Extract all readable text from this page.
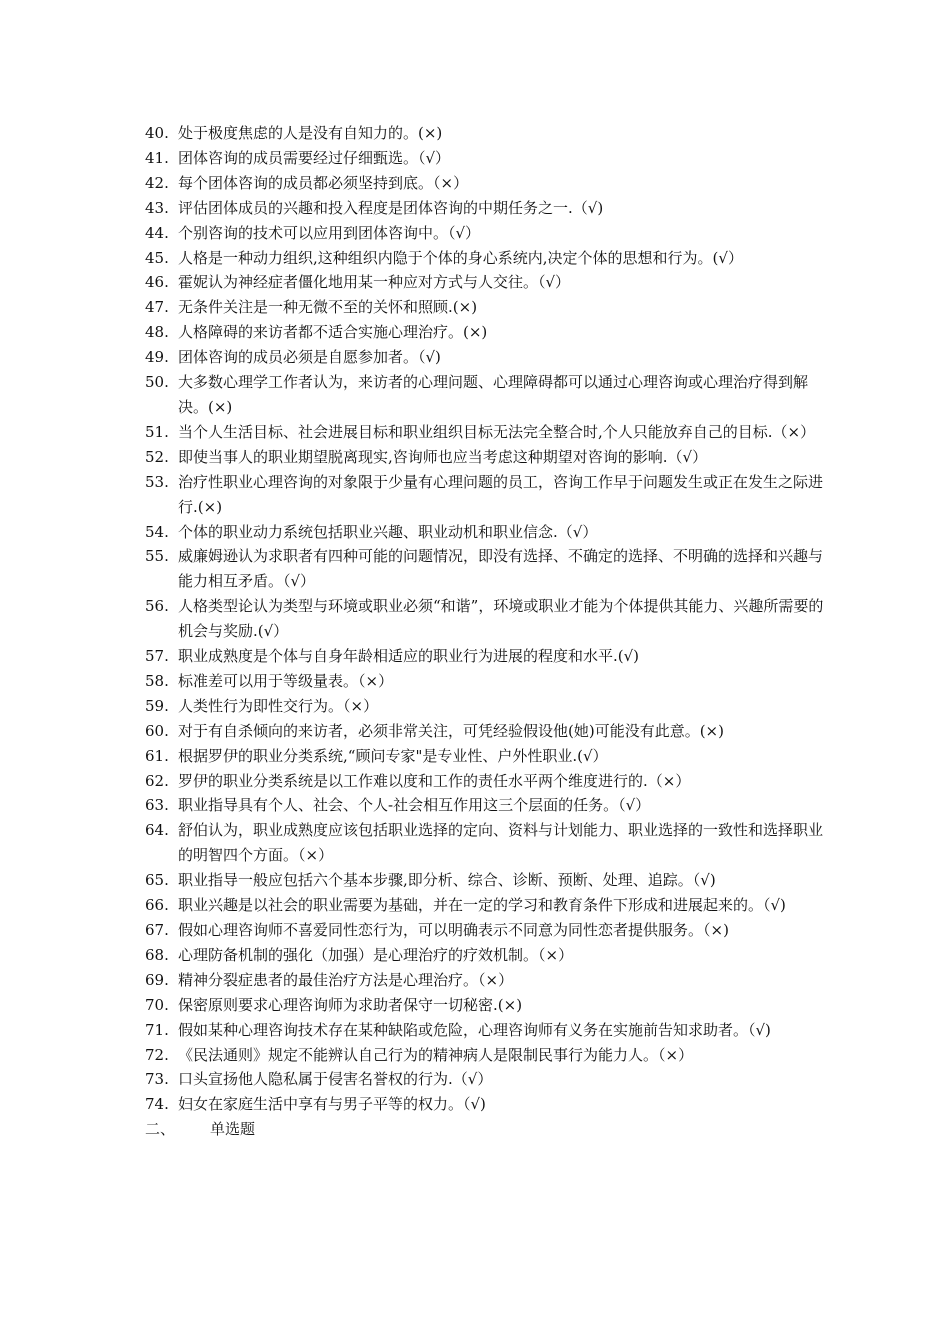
40. 处于极度焦虑的人是没有自知力的。(×)
41. 团体咨询的成员需要经过仔细甄选。（√）
42. 每个团体咨询的成员都必须坚持到底。（×）
43. 评估团体成员的兴趣和投入程度是团体咨询的中期任务之一.（√)
44. 个别咨询的技术可以应用到团体咨询中。（√）
45. 人格是一种动力组织,这种组织内隐于个体的身心系统内,决定个体的思想和行为。(√）
46. 霍妮认为神经症者僵化地用某一种应对方式与人交往。（√）
47. 无条件关注是一种无微不至的关怀和照顾.(×)
48. 人格障碍的来访者都不适合实施心理治疗。(×)
49. 团体咨询的成员必须是自愿参加者。（√)
50. 大多数心理学工作者认为，来访者的心理问题、心理障碍都可以通过心理咨询或心理治疗得到解决。(×)
51. 当个人生活目标、社会进展目标和职业组织目标无法完全整合时,个人只能放弃自己的目标.（×）
52. 即使当事人的职业期望脱离现实,咨询师也应当考虑这种期望对咨询的影响.（√）
53. 治疗性职业心理咨询的对象限于少量有心理问题的员工，咨询工作早于问题发生或正在发生之际进行.(×)
54. 个体的职业动力系统包括职业兴趣、职业动机和职业信念.（√）
55. 威廉姆逊认为求职者有四种可能的问题情况，即没有选择、不确定的选择、不明确的选择和兴趣与能力相互矛盾。（√）
56. 人格类型论认为类型与环境或职业必须“和谐”，环境或职业才能为个体提供其能力、兴趣所需要的机会与奖励.(√）
57. 职业成熟度是个体与自身年龄相适应的职业行为进展的程度和水平.(√)
58. 标准差可以用于等级量表。（×）
59. 人类性行为即性交行为。（×）
60. 对于有自杀倾向的来访者，必须非常关注，可凭经验假设他(她)可能没有此意。(×)
61. 根据罗伊的职业分类系统,“顾问专家"是专业性、户外性职业.(√）
62. 罗伊的职业分类系统是以工作难以度和工作的责任水平两个维度进行的.（×）
63. 职业指导具有个人、社会、个人-社会相互作用这三个层面的任务。（√）
64. 舒伯认为，职业成熟度应该包括职业选择的定向、资料与计划能力、职业选择的一致性和选择职业的明智四个方面。（×）
65. 职业指导一般应包括六个基本步骤,即分析、综合、诊断、预断、处理、追踪。（√)
66. 职业兴趣是以社会的职业需要为基础，并在一定的学习和教育条件下形成和进展起来的。（√)
67. 假如心理咨询师不喜爱同性恋行为，可以明确表示不同意为同性恋者提供服务。（×)
68. 心理防备机制的强化（加强）是心理治疗的疗效机制。（×）
69. 精神分裂症患者的最佳治疗方法是心理治疗。（×）
70. 保密原则要求心理咨询师为求助者保守一切秘密.(×)
71. 假如某种心理咨询技术存在某种缺陷或危险，心理咨询师有义务在实施前告知求助者。（√)
72. 《民法通则》规定不能辨认自己行为的精神病人是限制民事行为能力人。（×）
73. 口头宣扬他人隐私属于侵害名誉权的行为.（√）
74. 妇女在家庭生活中享有与男子平等的权力。（√)
二、	单选题
